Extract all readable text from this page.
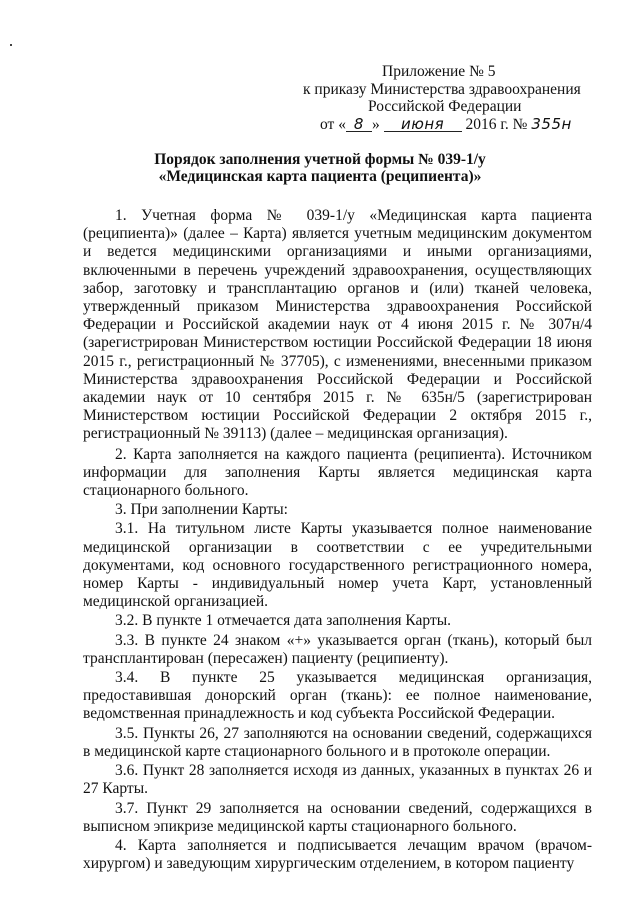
Приложение № 5
к приказу Министерства здравоохранения
Российской Федерации
от « 8 » июня 2016 г. № 355н
Порядок заполнения учетной формы № 039-1/у
«Медицинская карта пациента (реципиента)»

1. Учетная форма № 039-1/у «Медицинская карта пациента (реципиента)» (далее – Карта) является учетным медицинским документом и ведется медицинскими организациями и иными организациями, включенными в перечень учреждений здравоохранения, осуществляющих забор, заготовку и трансплантацию органов и (или) тканей человека, утвержденный приказом Министерства здравоохранения Российской Федерации и Российской академии наук от 4 июня 2015 г. № 307н/4 (зарегистрирован Министерством юстиции Российской Федерации 18 июня 2015 г., регистрационный № 37705), с изменениями, внесенными приказом Министерства здравоохранения Российской Федерации и Российской академии наук от 10 сентября 2015 г. № 635н/5 (зарегистрирован Министерством юстиции Российской Федерации 2 октября 2015 г., регистрационный № 39113) (далее – медицинская организация).

2. Карта заполняется на каждого пациента (реципиента). Источником информации для заполнения Карты является медицинская карта стационарного больного.

3. При заполнении Карты:

3.1. На титульном листе Карты указывается полное наименование медицинской организации в соответствии с ее учредительными документами, код основного государственного регистрационного номера, номер Карты - индивидуальный номер учета Карт, установленный медицинской организацией.

3.2. В пункте 1 отмечается дата заполнения Карты.

3.3. В пункте 24 знаком «+» указывается орган (ткань), который был трансплантирован (пересажен) пациенту (реципиенту).

3.4. В пункте 25 указывается медицинская организация, предоставившая донорский орган (ткань): ее полное наименование, ведомственная принадлежность и код субъекта Российской Федерации.

3.5. Пункты 26, 27 заполняются на основании сведений, содержащихся в медицинской карте стационарного больного и в протоколе операции.

3.6. Пункт 28 заполняется исходя из данных, указанных в пунктах 26 и 27 Карты.

3.7. Пункт 29 заполняется на основании сведений, содержащихся в выписном эпикризе медицинской карты стационарного больного.

4. Карта заполняется и подписывается лечащим врачом (врачом-хирургом) и заведующим хирургическим отделением, в котором пациенту
